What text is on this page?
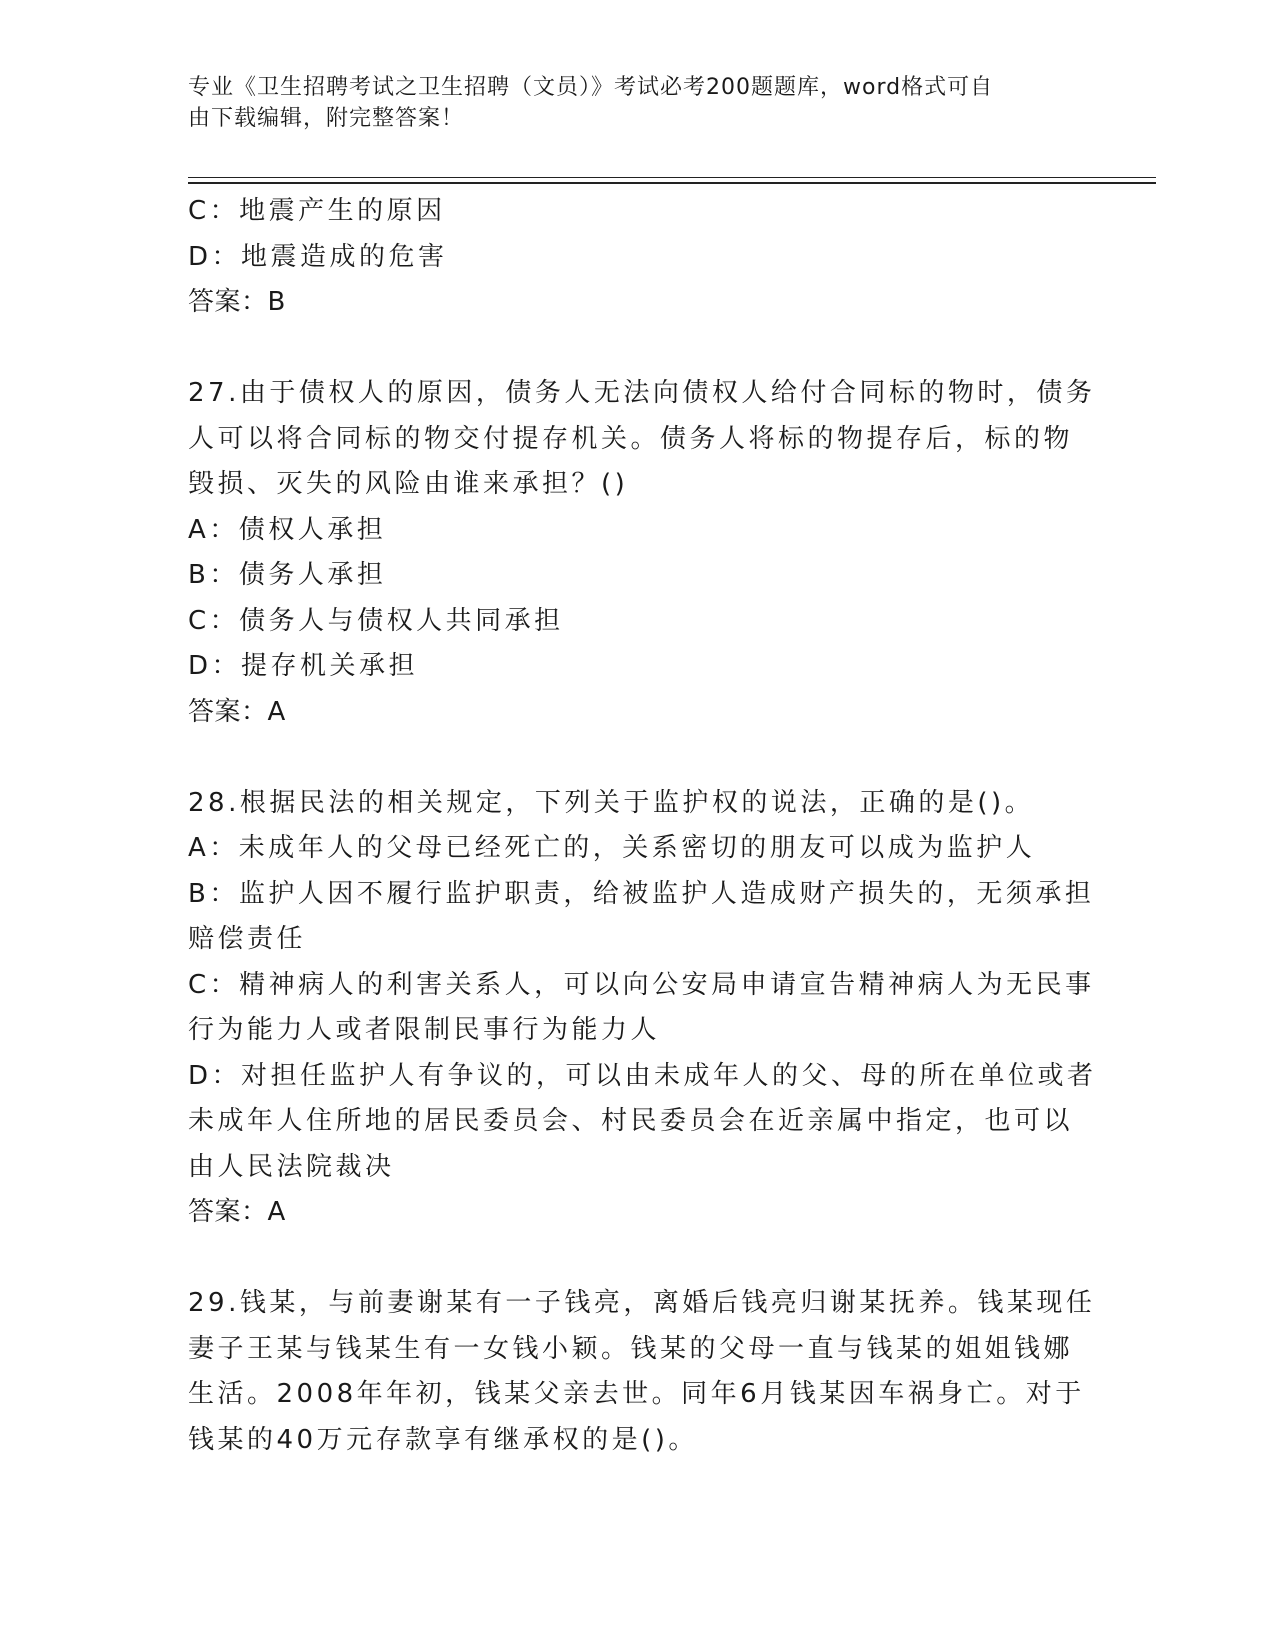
专业《卫生招聘考试之卫生招聘（文员）》考试必考200题题库，word格式可自
由下载编辑，附完整答案！
C：地震产生的原因
D：地震造成的危害
答案：B
27.由于债权人的原因，债务人无法向债权人给付合同标的物时，债务
人可以将合同标的物交付提存机关。债务人将标的物提存后，标的物
毁损、灭失的风险由谁来承担？()
A：债权人承担
B：债务人承担
C：债务人与债权人共同承担
D：提存机关承担
答案：A
28.根据民法的相关规定，下列关于监护权的说法，正确的是()。
A：未成年人的父母已经死亡的，关系密切的朋友可以成为监护人
B：监护人因不履行监护职责，给被监护人造成财产损失的，无须承担
赔偿责任
C：精神病人的利害关系人，可以向公安局申请宣告精神病人为无民事
行为能力人或者限制民事行为能力人
D：对担任监护人有争议的，可以由未成年人的父、母的所在单位或者
未成年人住所地的居民委员会、村民委员会在近亲属中指定，也可以
由人民法院裁决
答案：A
29.钱某，与前妻谢某有一子钱亮，离婚后钱亮归谢某抚养。钱某现任
妻子王某与钱某生有一女钱小颖。钱某的父母一直与钱某的姐姐钱娜
生活。2008年年初，钱某父亲去世。同年6月钱某因车祸身亡。对于
钱某的40万元存款享有继承权的是()。
